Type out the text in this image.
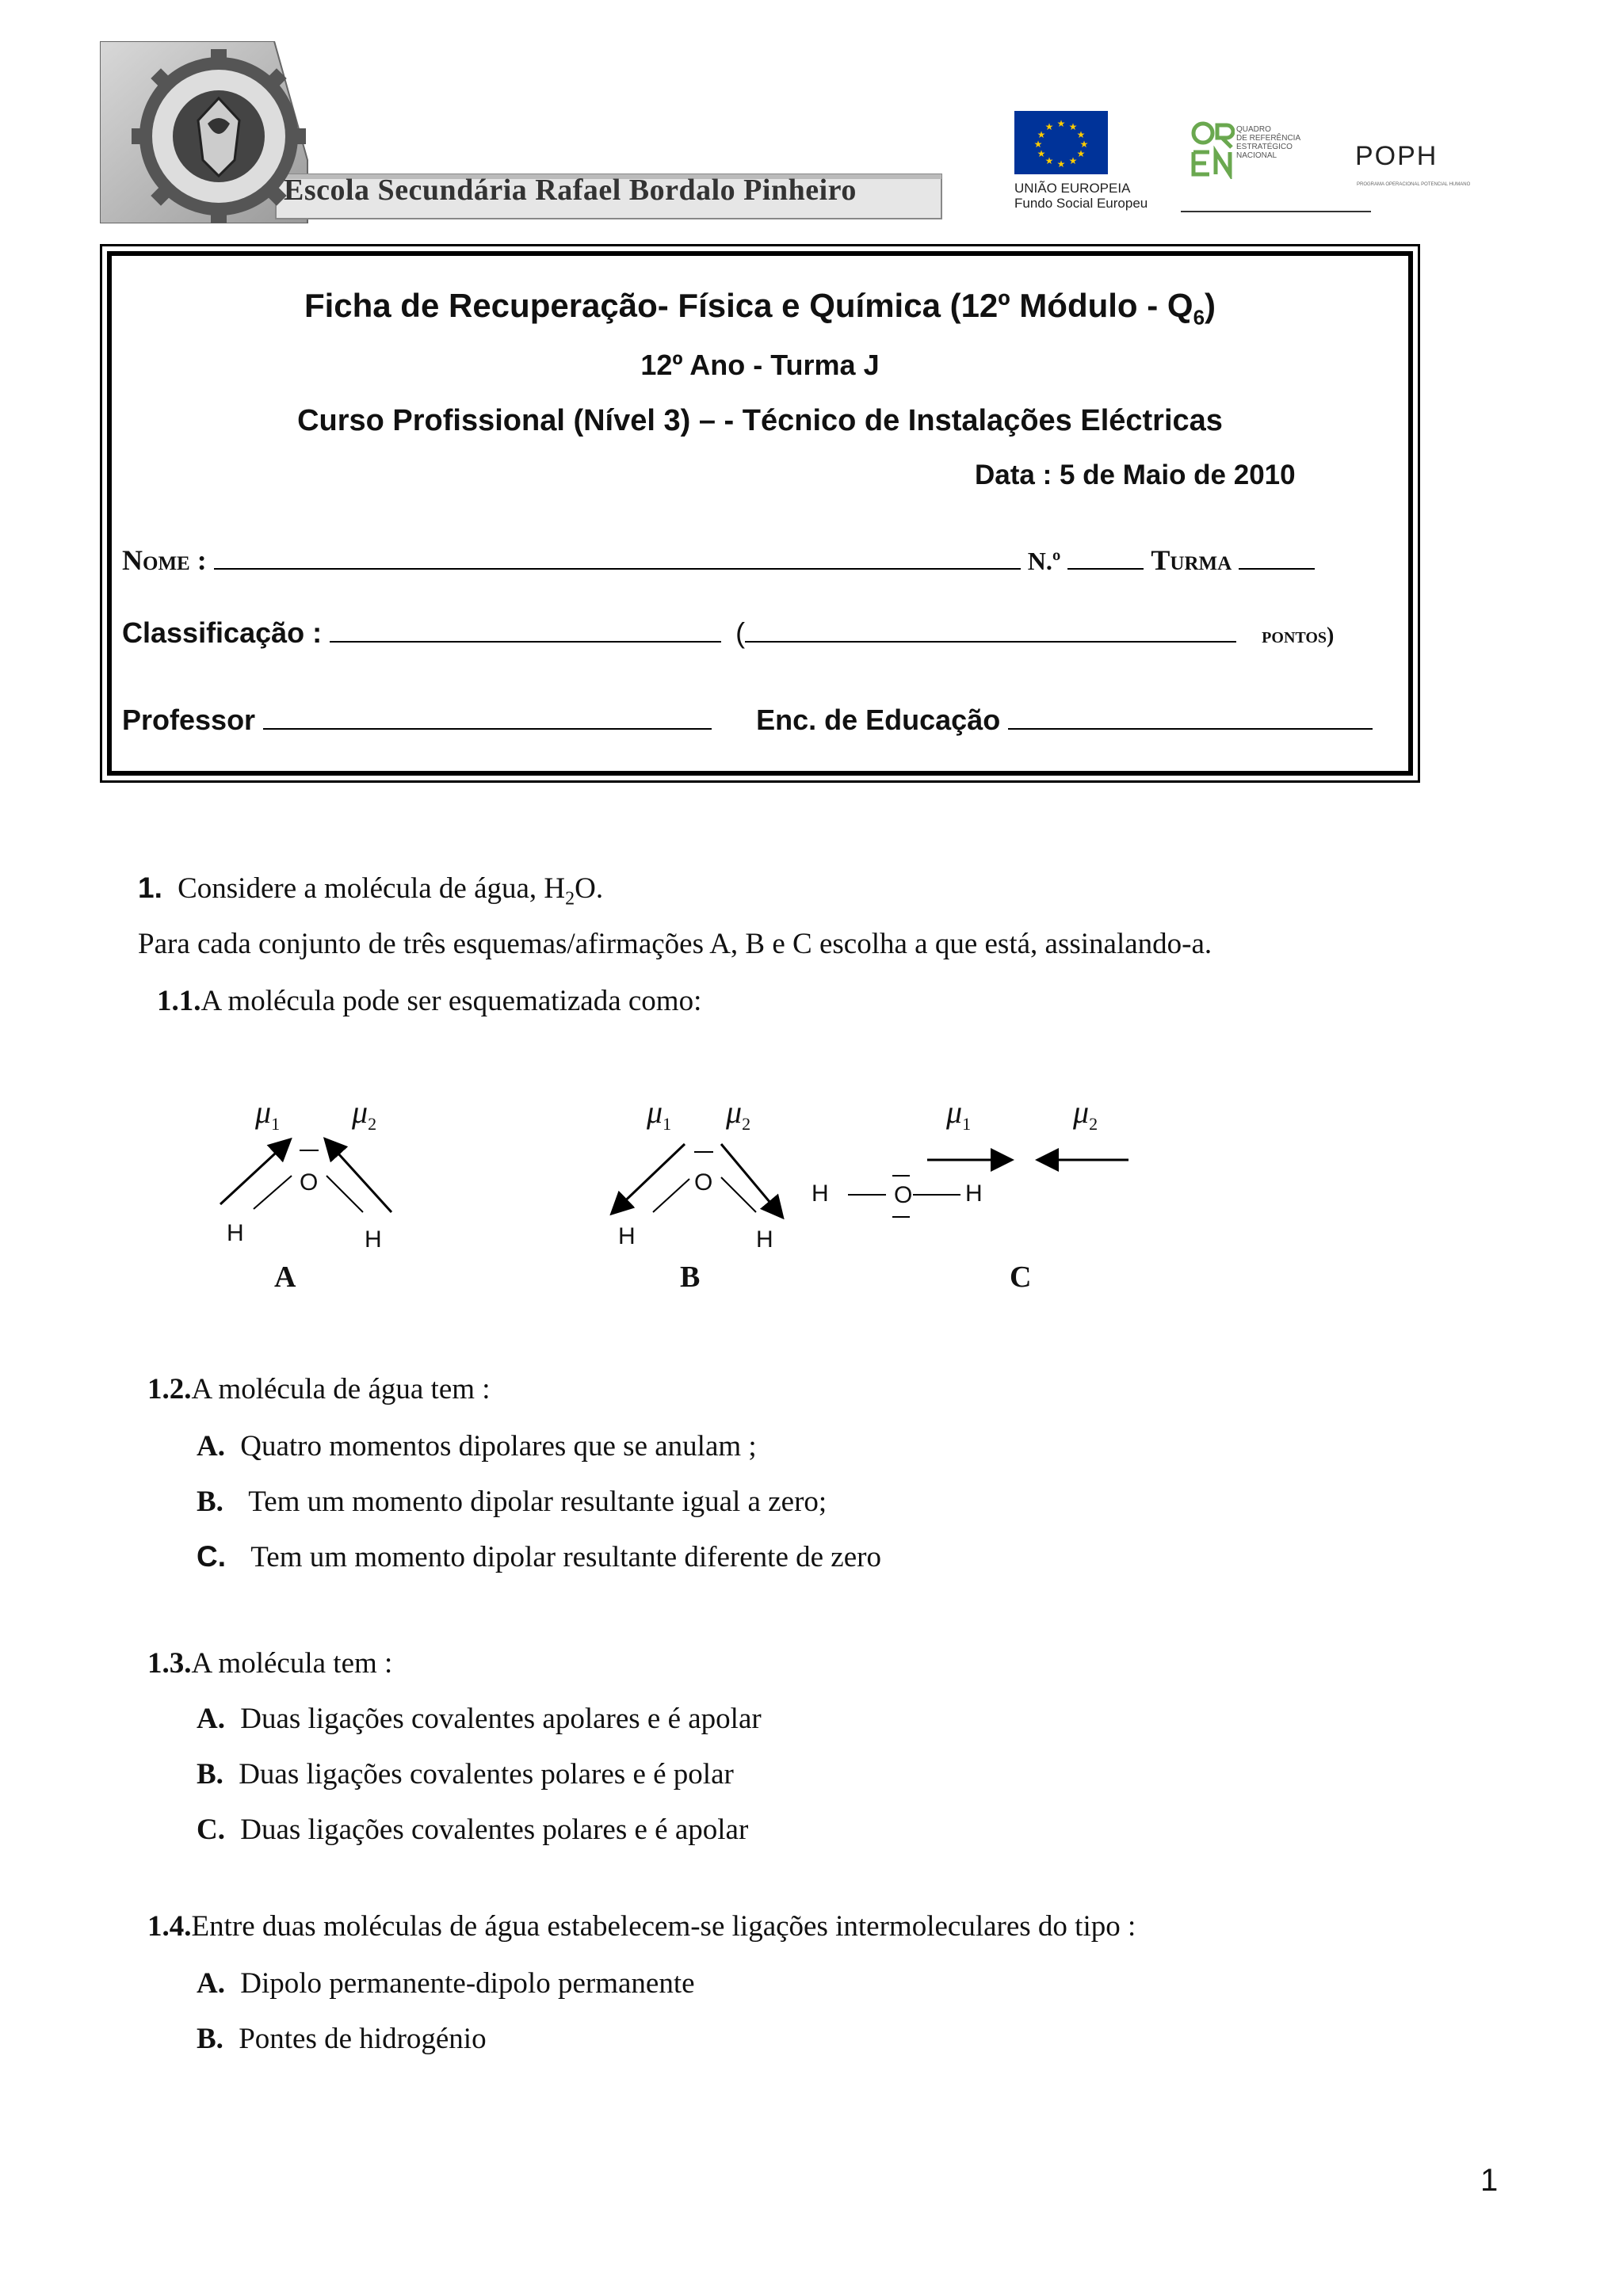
Escola Secundária Rafael Bordalo Pinheiro
★ ★
★
★
★
★
★
★
★
★
★
★
UNIÃO EUROPEIA
Fundo Social Europeu
QUADRO
DE REFERÊNCIA
ESTRATÉGICO
NACIONAL	POPH
PROGRAMA OPERACIONAL POTENCIAL HUMANO
Ficha de Recuperação- Física e Química (12º Módulo - $Q_6$)
12º Ano - Turma J
Curso Profissional (Nível 3) – - Técnico de Instalações Eléctricas
Data : 5 de Maio de 2010
Nome :	N.º	Turma
Classificação :	(	pontos)
Professor	Enc. de Educação
1. Considere a molécula de água, $H_2O$.
Para cada conjunto de três esquemas/afirmações A, B e C escolha a que está, assinalando-a.
1.1.A molécula pode ser esquematizada como:
$\mu_1$ $\mu_2$
O
H	H
A
$\mu_1$ $\mu_2$
O
H	H
B
$\mu_1$	$\mu_2$
H	O H
C
1.2.A molécula de água tem :
A. Quatro momentos dipolares que se anulam ;
B. Tem um momento dipolar resultante igual a zero;
C. Tem um momento dipolar resultante diferente de zero
1.3.A molécula tem :
A. Duas ligações covalentes apolares e é apolar
B. Duas ligações covalentes polares e é polar
C. Duas ligações covalentes polares e é apolar
1.4.Entre duas moléculas de água estabelecem-se ligações intermoleculares do tipo :
A. Dipolo permanente-dipolo permanente
B. Pontes de hidrogénio
1
